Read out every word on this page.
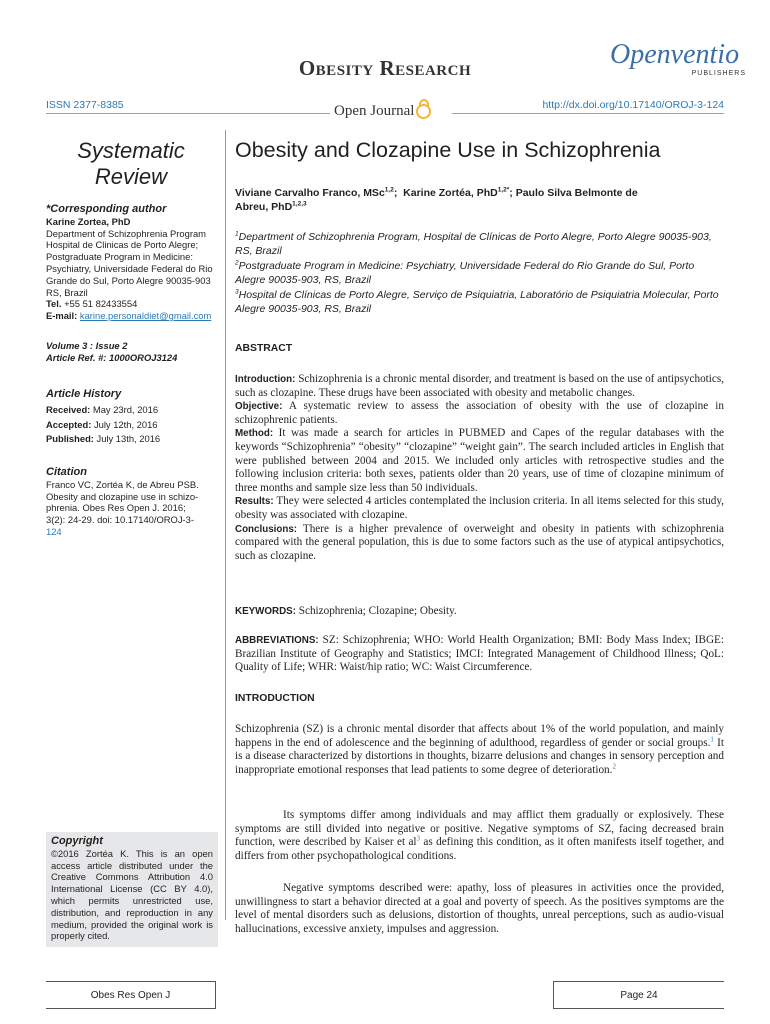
Obesity Research	Openventio
PUBLISHERS
ISSN 2377-8385	Open Journal	http://dx.doi.org/10.17140/OROJ-3-124
Systematic Review
*Corresponding author
Karine Zortea, PhD
Department of Schizophrenia Program
Hospital de Clinicas de Porto Alegre;
Postgraduate Program in Medicine:
Psychiatry, Universidade Federal do Rio
Grande do Sul, Porto Alegre 90035-903
RS, Brazil
Tel. +55 51 82433554
E-mail: karine.personaldiet@gmail.com
Volume 3 : Issue 2
Article Ref. #: 1000OROJ3124
Article History
Received: May 23rd, 2016
Accepted: July 12th, 2016
Published: July 13th, 2016
Citation
Franco VC, Zortéa K, de Abreu PSB.
Obesity and clozapine use in schizo-
phrenia. Obes Res Open J. 2016;
3(2): 24-29. doi: 10.17140/OROJ-3-
124
Copyright
©2016 Zortéa K. This is an open access article distributed under the Creative Commons Attribution 4.0 International License (CC BY 4.0), which permits unrestricted use, distribution, and reproduction in any medium, provided the original work is properly cited.
Obesity and Clozapine Use in Schizophrenia
Viviane Carvalho Franco, MSc$^{1,2}$;  Karine Zortéa, PhD$^{1,2*}$; Paulo Silva Belmonte de
Abreu, PhD$^{1,2,3}$
$^1$Department of Schizophrenia Program, Hospital de Clínicas de Porto Alegre, Porto Alegre 90035-903, RS, Brazil
$^2$Postgraduate Program in Medicine: Psychiatry, Universidade Federal do Rio Grande do Sul, Porto Alegre 90035-903, RS, Brazil
$^3$Hospital de Clínicas de Porto Alegre, Serviço de Psiquiatria, Laboratório de Psiquiatria Molecular, Porto Alegre 90035-903, RS, Brazil
ABSTRACT
Introduction: Schizophrenia is a chronic mental disorder, and treatment is based on the use of antipsychotics, such as clozapine. These drugs have been associated with obesity and metabolic changes.
Objective: A systematic review to assess the association of obesity with the use of clozapine in schizophrenic patients.
Method: It was made a search for articles in PUBMED and Capes of the regular databases with the keywords “Schizophrenia” “obesity” “clozapine” “weight gain”. The search included articles in English that were published between 2004 and 2015. We included only articles with retrospective studies and the following inclusion criteria: both sexes, patients older than 20 years, use of time of clozapine minimum of three months and sample size less than 50 individuals.
Results: They were selected 4 articles contemplated the inclusion criteria. In all items selected for this study, obesity was associated with clozapine.
Conclusions: There is a higher prevalence of overweight and obesity in patients with schizophrenia compared with the general population, this is due to some factors such as the use of atypical antipsychotics, such as clozapine.
KEYWORDS: Schizophrenia; Clozapine; Obesity.
ABBREVIATIONS: SZ: Schizophrenia; WHO: World Health Organization; BMI: Body Mass Index; IBGE: Brazilian Institute of Geography and Statistics; IMCI: Integrated Management of Childhood Illness; QoL: Quality of Life; WHR: Waist/hip ratio; WC: Waist Circumference.
INTRODUCTION
Schizophrenia (SZ) is a chronic mental disorder that affects about 1% of the world population, and mainly happens in the end of adolescence and the beginning of adulthood, regardless of gender or social groups.$^1$ It is a disease characterized by distortions in thoughts, bizarre delusions and changes in sensory perception and inappropriate emotional responses that lead patients to some degree of deterioration.$^2$
Its symptoms differ among individuals and may afflict them gradually or explosively. These symptoms are still divided into negative or positive. Negative symptoms of SZ, facing decreased brain function, were described by Kaiser et al$^3$ as defining this condition, as it often manifests itself together, and differs from other psychopathological conditions.
Negative symptoms described were: apathy, loss of pleasures in activities once the provided, unwillingness to start a behavior directed at a goal and poverty of speech. As the positives symptoms are the level of mental disorders such as delusions, distortion of thoughts, unreal perceptions, such as audio-visual hallucinations, excessive anxiety, impulses and aggression.
Obes Res Open J	Page 24
